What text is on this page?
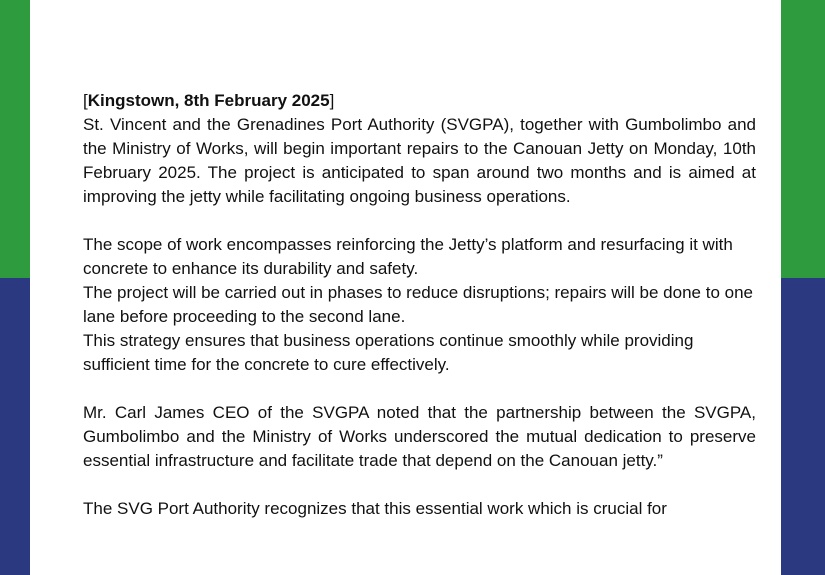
[Kingstown, 8th February 2025]

St. Vincent and the Grenadines Port Authority (SVGPA), together with Gumbolimbo and the Ministry of Works, will begin important repairs to the Canouan Jetty on Monday, 10th February 2025. The project is anticipated to span around two months and is aimed at improving the jetty while facilitating ongoing business operations.

The scope of work encompasses reinforcing the Jetty’s platform and resurfacing it with concrete to enhance its durability and safety.

The project will be carried out in phases to reduce disruptions; repairs will be done to one lane before proceeding to the second lane.

This strategy ensures that business operations continue smoothly while providing sufficient time for the concrete to cure effectively.

Mr. Carl James CEO of the SVGPA noted that the partnership between the SVGPA, Gumbolimbo and the Ministry of Works underscored the mutual dedication to preserve essential infrastructure and facilitate trade that depend on the Canouan jetty.”

The SVG Port Authority recognizes that this essential work which is crucial for
